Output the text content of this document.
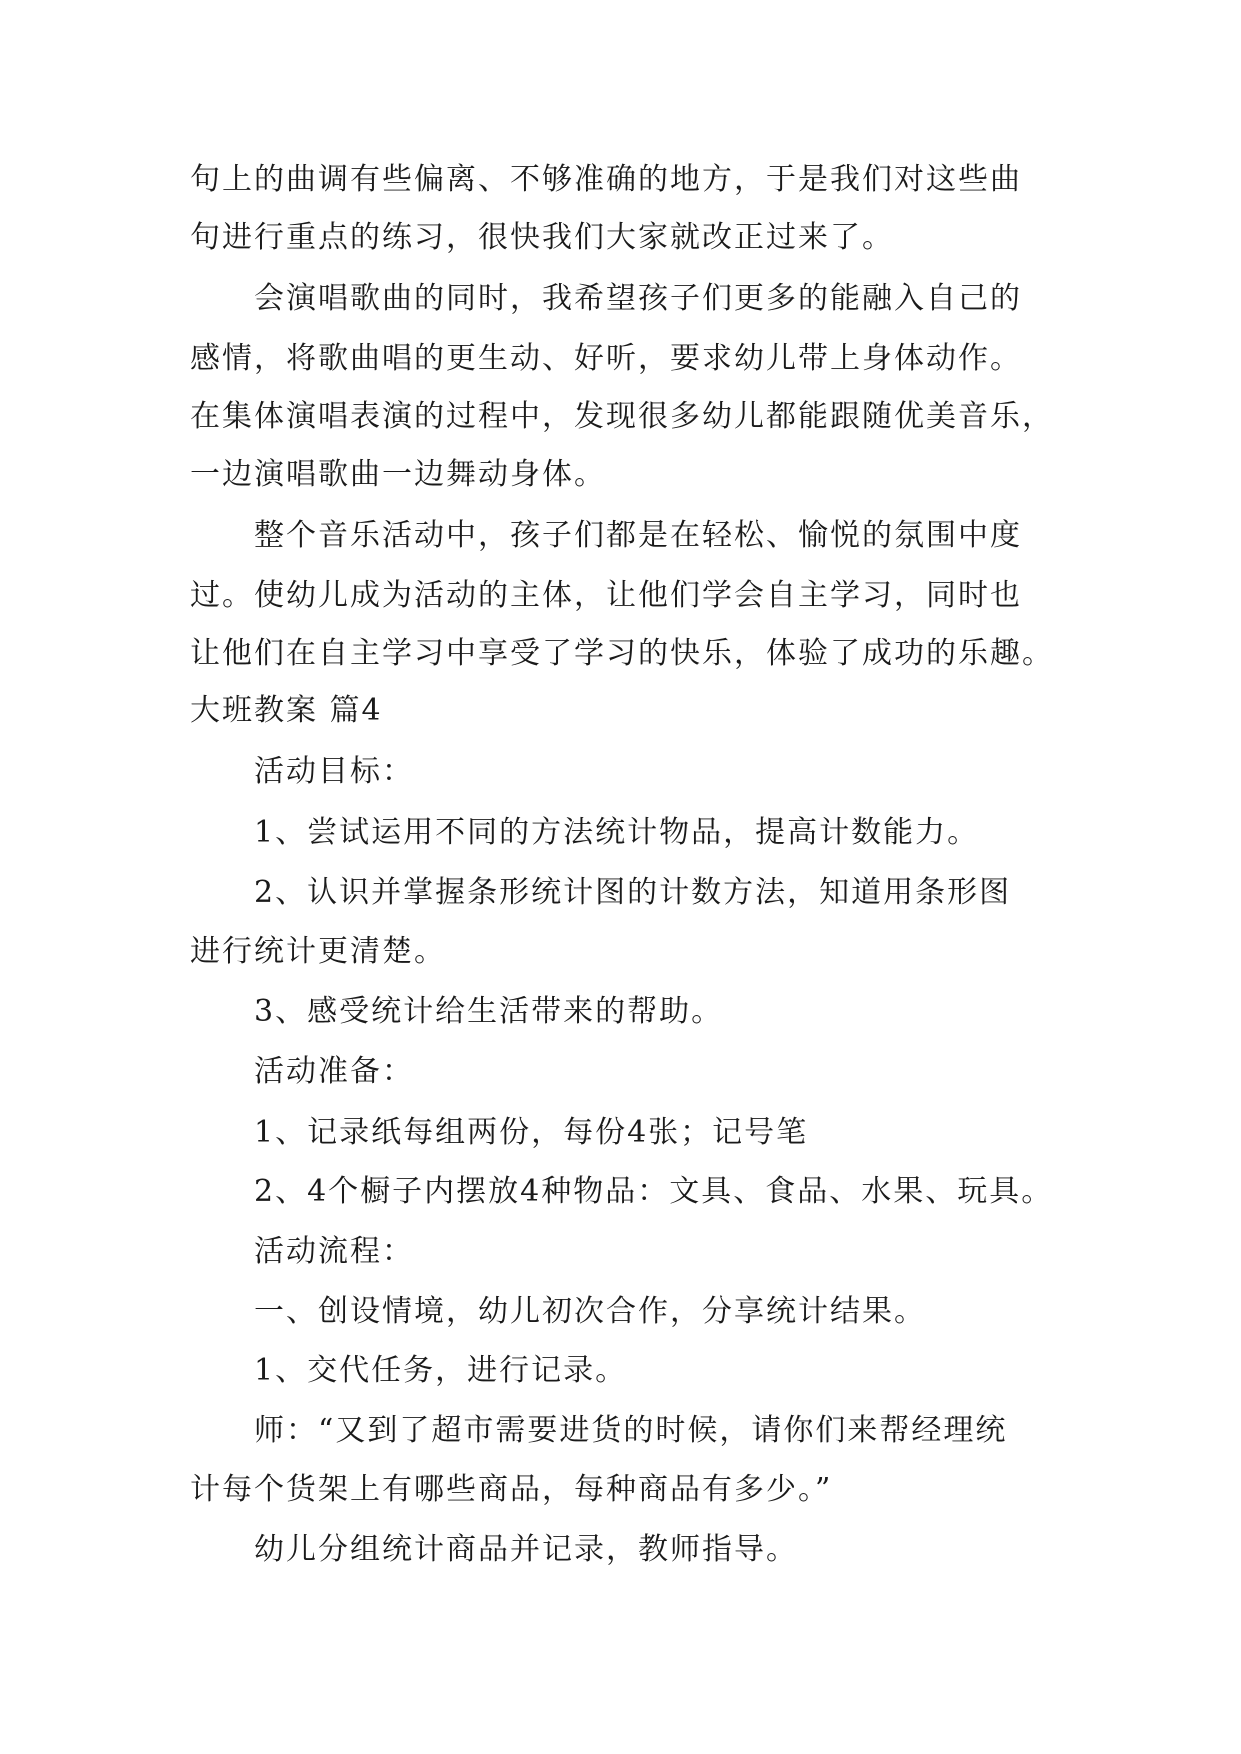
句上的曲调有些偏离、不够准确的地方，于是我们对这些曲
句进行重点的练习，很快我们大家就改正过来了。
会演唱歌曲的同时，我希望孩子们更多的能融入自己的
感情，将歌曲唱的更生动、好听，要求幼儿带上身体动作。
在集体演唱表演的过程中，发现很多幼儿都能跟随优美音乐，
一边演唱歌曲一边舞动身体。
整个音乐活动中，孩子们都是在轻松、愉悦的氛围中度
过。使幼儿成为活动的主体，让他们学会自主学习，同时也
让他们在自主学习中享受了学习的快乐，体验了成功的乐趣。
大班教案 篇4
活动目标：
1、尝试运用不同的方法统计物品，提高计数能力。
2、认识并掌握条形统计图的计数方法，知道用条形图
进行统计更清楚。
3、感受统计给生活带来的帮助。
活动准备：
1、记录纸每组两份，每份4张；记号笔
2、4个橱子内摆放4种物品：文具、食品、水果、玩具。
活动流程：
一、创设情境，幼儿初次合作，分享统计结果。
1、交代任务，进行记录。
师：“又到了超市需要进货的时候，请你们来帮经理统
计每个货架上有哪些商品，每种商品有多少。”
幼儿分组统计商品并记录，教师指导。
